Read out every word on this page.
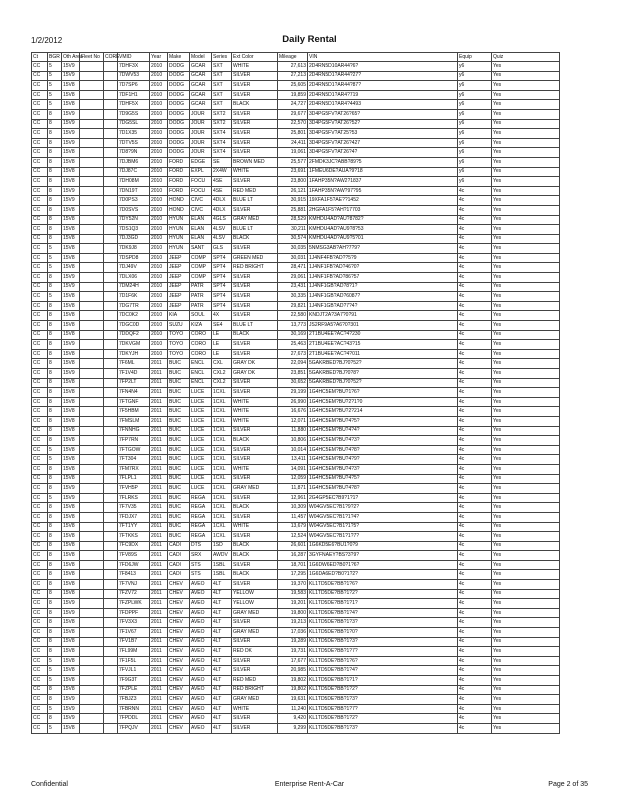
1/2/2012	Daily Rental
Ct	BGR	Oth Area	Fleet No	CORE	VMID	Year	Make	Model	Series	Ext Color	Mileage	VIN	Equip	Quiz
CC	5	15V9			7DHF3X	2010	DODG	GCAR	SXT	WHITE	27,613	2D4RN5D10AR44?6?	y6	Yes
CC	5	15V9			7DWV53	2010	DODG	GCAR	SXT	SILVER	27,213	2D4RN5D1?AR44?27?	y6	Yes
CC	5	15V8			7D7SP6	2010	DODG	GCAR	SXT	SILVER	25,605	2D4RN5D1?AR44?87?	y6	Yes
CC	5	15V8			7DF1H1	2010	DODG	GCAR	SXT	SILVER	19,859	2D4RN5D1?AR4?719	y6	Yes
CC	5	15V8			7DHF5X	2010	DODG	GCAR	SXT	BLACK	24,727	2D4RN5D1?AR4?4493	y6	Yes
CC	8	15V9			7D9G5S	2010	DODG	JOUR	SXT2	SILVER	29,677	3D4PG5FV?AT26?65?	y6	Yes
CC	8	15V9			7DG5SL	2010	DODG	JOUR	SXT2	SILVER	22,570	3D4PG5FV?AT26?52?	y6	Yes
CC	8	15V9			7D1X35	2010	DODG	JOUR	SXT4	SILVER	25,801	3D4PG5FV?AT25?53	y6	Yes
CC	8	15V9			7DTV5S	2010	DODG	JOUR	SXT4	SILVER	24,411	3D4PG5FV?AT26?427	y6	Yes
CC	8	15V8			7D8?9N	2010	DODG	JOUR	SXT4	SILVER	19,061	3D4PG5FV?AT26?4?	y6	Yes
CC	8	15V8			7DJBM6	2010	FORD	EDGE	SE	BROWN MED	25,577	2FMDK3JC?ABB?89?5	y6	Yes
CC	8	15V8			7DJ87C	2010	FORD	EXPL	2X4W	WHITE	23,691	1FMEU6DE?AUA?9?18	y6	Yes
CC	8	15V8			7DH08M	2010	FORD	FOCU	4SE	SILVER	23,800	1FAHP35N?AW2?1837	y6	Yes
CC	8	15V9			7DN19T	2010	FORD	FOCU	4SE	RED MED	26,121	1FAHP35N?AW?97?95	4c	Yes
CC	8	15V9			7D0PS3	2010	HOND	CIVC	4DLX	BLUE LT	30,915	19XFA1F5?AE??1452	4c	Yes
CC	8	15V8			7D0SVS	2010	HOND	CIVC	4DLX	SILVER	25,881	2HGFA1F5?AH?17703	4c	Yes
CC	8	15V8			7DY52N	2010	HYUN	ELAN	4GLS	GRAY MED	28,529	KMHDU4AD?AU?8782?	4c	Yes
CC	8	15V8			7DS1Q3	2010	HYUN	ELAN	4LSV	BLUE LT	30,211	KMHDU4AD?AU9?8?53	4c	Yes
CC	8	15V8			7DJ3GD	2010	HYUN	ELAN	4LSV	BLACK	30,574	KMHDU4AD?AU9?5?01	4c	Yes
CC	5	15V8			7DK9J8	2010	HYUN	SANT	GLS	SILVER	30,035	5NMSG3AB?AH?7?9?	4c	Yes
CC	5	15V8			7DSPD8	2010	JEEP	COMP	SPT4	GREEN MED	30,031	1J4NF4FB?AD??5?9	4c	Yes
CC	5	15V8			7DJ49V	2010	JEEP	COMP	SPT4	RED BRIGHT	28,471	1J4NF1FB?AD?46?0?	4c	Yes
CC	8	15V9			7DLX06	2010	JEEP	COMP	SPT4	SILVER	29,061	1J4NF1FB?AD?86?57	4c	Yes
CC	8	15V9			7DM24H	2010	JEEP	PATR	SPT4	SILVER	23,431	1J4NF1GB?AD?8?1?	4c	Yes
CC	5	15V8			7D1F6K	2010	JEEP	PATR	SPT4	SILVER	30,335	1J4NF1GB?AD?6087?	4c	Yes
CC	8	15V8			7DG7TR	2010	JEEP	PATR	SPT4	SILVER	29,821	1J4NF1GB?AD?7?4?	4c	Yes
CC	8	15V8			7DC0K2	2010	KIA	SOUL	4X	SILVER	22,580	KNDJT2A?3A7?0?91	4c	Yes
CC	8	15V8			7DGC0D	2010	SUZU	KIZA	SE4	BLUE LT	13,773	JS2RF9A5?A6?0?301	4c	Yes
CC	8	15V8			7DDQF2	2010	TOYO	CORO	LE	BLACK	30,169	2T1BU4EE?AC?4?230	4c	Yes
CC	8	15V9			7DKVGM	2010	TOYO	CORO	LE	SILVER	25,463	2T1BU4EE?AC?43?15	4c	Yes
CC	8	15V8			7DKYJH	2010	TOYO	CORO	LE	SILVER	27,673	2T1BU4EE?AC?4?011	4c	Yes
CC	8	15V8			7F6ML	2011	BUIC	ENCL	CXL	GRAY DK	22,094	5GAKRBED?BJ?0?52?	4c	Yes
CC	8	15V9			7F1V4D	2011	BUIC	ENCL	CXL2	GRAY DK	23,851	5GAKRBED?BJ?0?8?	4c	Yes
CC	8	15V8			7FP2LT	2011	BUIC	ENCL	CXL2	SILVER	30,652	5GAKRBED?BJ?0?52?	4c	Yes
CC	8	15V8			7FN4N4	2011	BUIC	LUCE	1CXL	SILVER	29,199	1G4HC5EM?BU?1?6?	4c	Yes
CC	8	15V8			7FTGNF	2011	BUIC	LUCE	1CXL	WHITE	26,990	1G4HC5EM?BU?2?1?0	4c	Yes
CC	8	15V8			7F5HBM	2011	BUIC	LUCE	1CXL	WHITE	16,676	1G4HC5EM?BU?2?214	4c	Yes
CC	8	15V8			7FMSLM	2011	BUIC	LUCE	1CXL	WHITE	12,071	1G4HC5EM?BU?4?5?	4c	Yes
CC	8	15V8			7FNNHG	2011	BUIC	LUCE	1CXL	SILVER	11,880	1G4HC5EM?BU?4?4?	4c	Yes
CC	8	15V8			7FP7RN	2011	BUIC	LUCE	1CXL	BLACK	10,806	1G4HC5EM?BU?4?3?	4c	Yes
CC	5	15V8			7FTGOW	2011	BUIC	LUCE	1CXL	SILVER	10,014	1G4HC5EM?BU?4?8?	4c	Yes
CC	5	15V8			7FT304	2011	BUIC	LUCE	1CXL	SILVER	13,411	1G4HC5EM?BU?4?9?	4c	Yes
CC	8	15V8			7FM7RX	2011	BUIC	LUCE	1CXL	WHITE	14,091	1G4HC5EM?BU?4?3?	4c	Yes
CC	8	15V8			7FLPL1	2011	BUIC	LUCE	1CXL	SILVER	12,059	1G4HC5EM?BU?4?5?	4c	Yes
CC	8	15V9			7FVH5P	2011	BUIC	LUCE	1CXL	GRAY MED	11,871	1G4HC5EM?BU?4?8?	4c	Yes
CC	5	15V9			7FLRKS	2011	BUIC	REGA	1CXL	SILVER	12,961	2G4GP5EC?B9?1?1?	4c	Yes
CC	8	15V8			7F7V35	2011	BUIC	REGA	1CXL	BLACK	10,309	W04GV5EC?B1?9?2?	4c	Yes
CC	8	15V8			7FDJX7	2011	BUIC	REGA	1CXL	SILVER	11,457	W04GV5EC?B1?1?4?	4c	Yes
CC	8	15V8			7FT1YY	2011	BUIC	REGA	1CXL	WHITE	13,679	W04GV5EC?B1?1?5?	4c	Yes
CC	8	15V8			7FTKKS	2011	BUIC	REGA	1CXL	SILVER	12,524	W04GV5EC?B1?1?7?	4c	Yes
CC	8	15V8			7FC9DX	2011	CADI	DTS	1SD	BLACK	26,601	1G6KD5E6?BU1?0?9	4c	Yes
CC	8	15V8			7FV89S	2011	CADI	SRX	AWDV	BLACK	16,287	3GYFNAEY?BS?3?9?	4c	Yes
CC	8	15V8			7FD6JW	2011	CADI	STS	1SBL	SILVER	18,701	1G6DW6ED?B0?1?6?	4c	Yes
CC	8	15V8			7F8413	2011	CADI	STS	1SBL	BLACK	17,295	1G6DA6ED?B0?1?2?	4c	Yes
CC	8	15V8			7F7VNJ	2011	CHEV	AVEO	4LT	SILVER	19,370	KL1TD5DE?BB?1?6?	4c	Yes
CC	8	15V8			7FZV72	2011	CHEV	AVEO	4LT	YELLOW	19,583	KL1TD5DE?BB?1?2?	4c	Yes
CC	8	15V9			7FZPLWK	2011	CHEV	AVEO	4LT	YELLOW	19,201	KL1TD5DE?BB?1?1?	4c	Yes
CC	8	15V9			7FDPPF	2011	CHEV	AVEO	4LT	GRAY MED	19,800	KL1TD5DE?BB?1?4?	4c	Yes
CC	8	15V8			7FV3X3	2011	CHEV	AVEO	4LT	SILVER	19,213	KL1TD5DE?BB?1?3?	4c	Yes
CC	8	15V8			7F1V67	2011	CHEV	AVEO	4LT	GRAY MED	17,036	KL1TD5DE?BB?1?0?	4c	Yes
CC	8	15V8			7FV1B7	2011	CHEV	AVEO	4LT	SILVER	19,289	KL1TD5DE?BB?1?3?	4c	Yes
CC	8	15V8			7FL99M	2011	CHEV	AVEO	4LT	RED DK	19,731	KL1TD5DE?BB?1?7?	4c	Yes
CC	5	15V8			7F1F5L	2011	CHEV	AVEO	4LT	SILVER	17,677	KL1TD5DE?BB?1?6?	4c	Yes
CC	5	15V8			7FVJL1	2011	CHEV	AVEO	4LT	SILVER	20,985	KL1TD5DE?BB?1?4?	4c	Yes
CC	5	15V8			7F9G3T	2011	CHEV	AVEO	4LT	RED MED	19,802	KL1TD5DE?BB?1?1?	4c	Yes
CC	8	15V8			7FZPLE	2011	CHEV	AVEO	4LT	RED BRIGHT	19,802	KL1TD5DE?BB?1?2?	4c	Yes
CC	8	15V9			7FBJZ3	2011	CHEV	AVEO	4LT	GRAY MED	19,631	KL1TD5DE?BB?1?3?	4c	Yes
CC	5	15V9			7FBRNN	2011	CHEV	AVEO	4LT	WHITE	11,240	KL1TD5DE?BB?1?7?	4c	Yes
CC	8	15V9			7FPDDL	2011	CHEV	AVEO	4LT	SILVER	9,420	KL1TD5DE?BB?1?2?	4c	Yes
CC	5	15V8			7FPQJV	2011	CHEV	AVEO	4LT	SILVER	9,299	KL1TD5DE?BB?1?3?	4c	Yes
Confidential	Enterprise Rent-A-Car	Page 2 of 35
